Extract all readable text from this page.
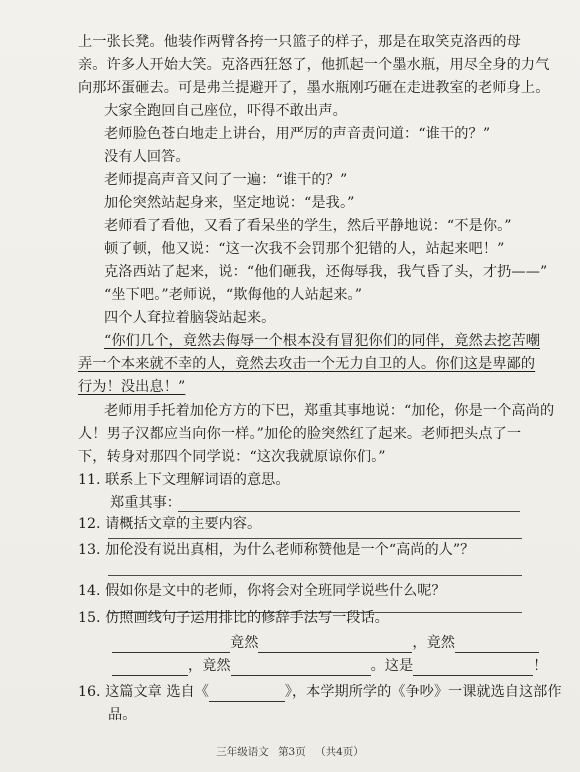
上一张长凳。他装作两臂各挎一只篮子的样子，那是在取笑克洛西的母
亲。许多人开始大笑。克洛西狂怒了，他抓起一个墨水瓶，用尽全身的力气
向那坏蛋砸去。可是弗兰提避开了，墨水瓶刚巧砸在走进教室的老师身上。
大家全跑回自己座位，吓得不敢出声。
老师脸色苍白地走上讲台，用严厉的声音责问道：“谁干的？”
没有人回答。
老师提高声音又问了一遍：“谁干的？”
加伦突然站起身来，坚定地说：“是我。”
老师看了看他，又看了看呆坐的学生，然后平静地说：“不是你。”
顿了顿，他又说：“这一次我不会罚那个犯错的人，站起来吧！”
克洛西站了起来，说：“他们砸我，还侮辱我，我气昏了头，才扔——”
“坐下吧。”老师说，“欺侮他的人站起来。”
四个人耷拉着脑袋站起来。
“你们几个，竟然去侮辱一个根本没有冒犯你们的同伴，竟然去挖苦嘲
弄一个本来就不幸的人，竟然去攻击一个无力自卫的人。你们这是卑鄙的
行为！没出息！”
老师用手托着加伦方方的下巴，郑重其事地说：“加伦，你是一个高尚的
人！男子汉都应当向你一样。”加伦的脸突然红了起来。老师把头点了一
下，转身对那四个同学说：“这次我就原谅你们。”
11. 联系上下文理解词语的意思。
郑重其事：
12. 请概括文章的主要内容。
13. 加伦没有说出真相，为什么老师称赞他是一个“高尚的人”？
14. 假如你是文中的老师，你将会对全班同学说些什么呢？
15. 仿照画线句子运用排比的修辞手法写一段话。
竟然	，竟然
，竟然	。这是	！
16. 这篇文章 选自《	》，本学期所学的《争吵》一课就选自这部作
品。
三年级语文 第3页 （共4页）
